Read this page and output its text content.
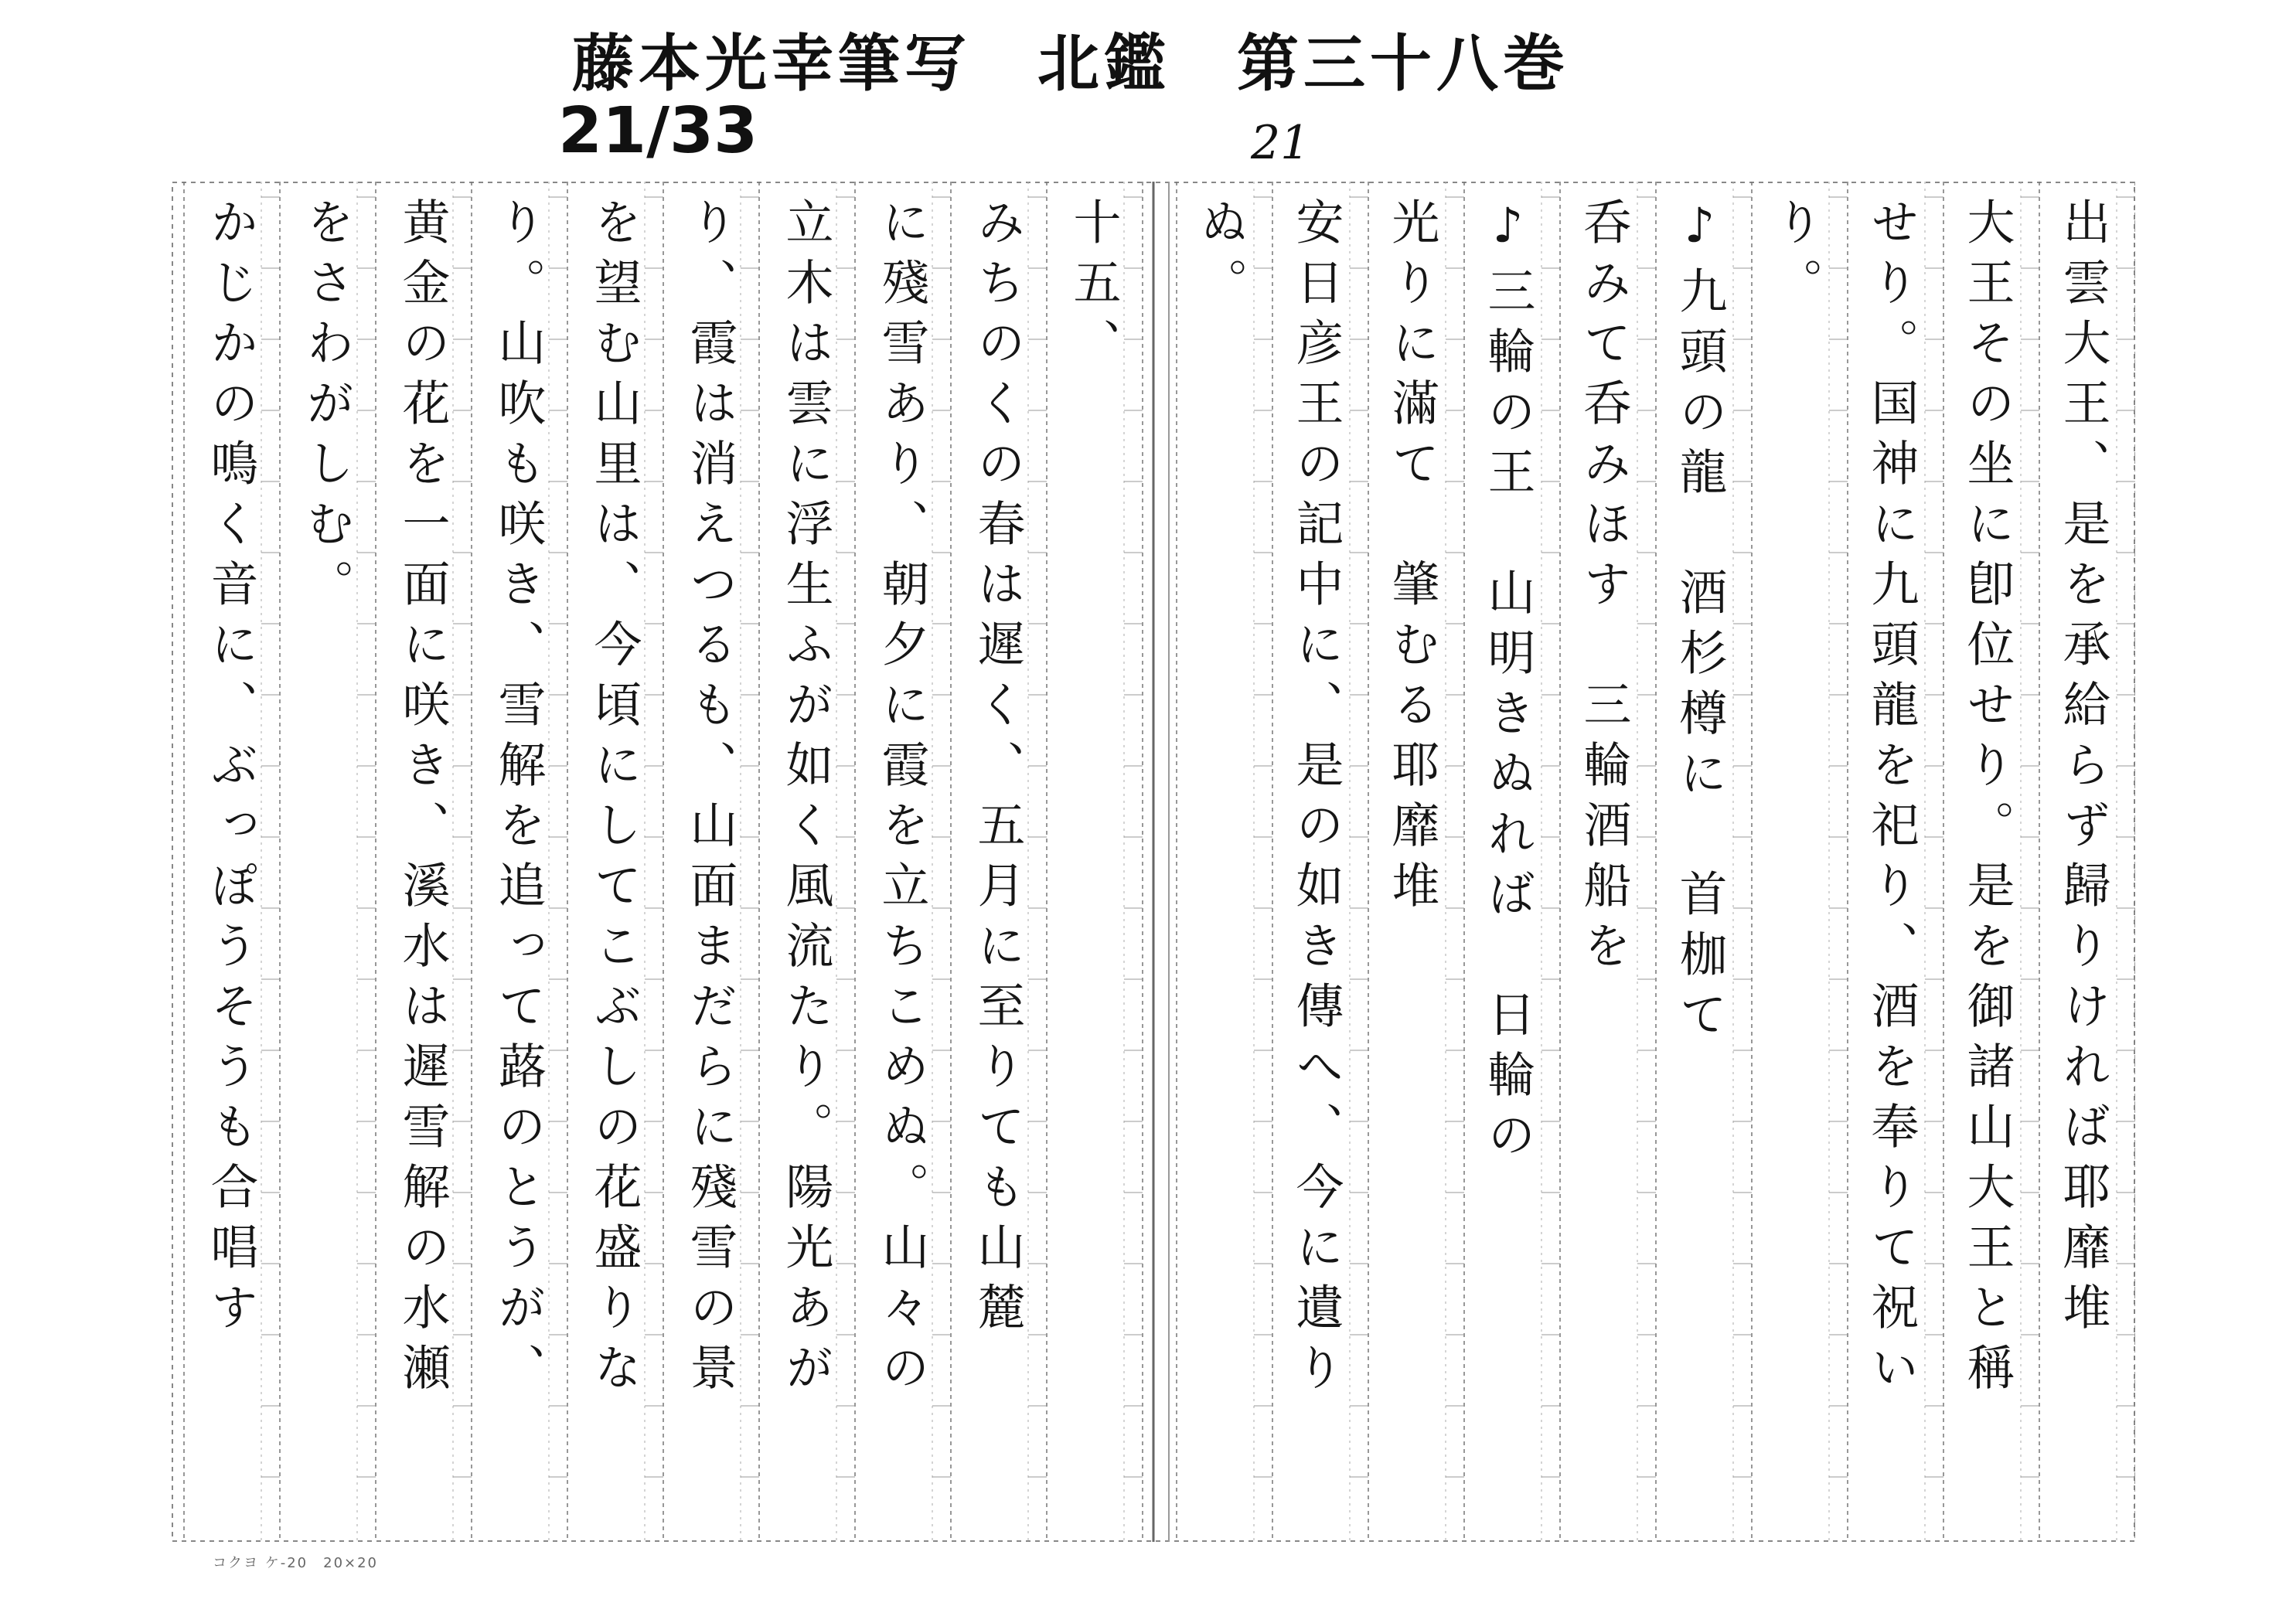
藤本光幸筆写　北鑑　第三十八巻
21/33	21
出雲大王、是を承給らず歸りければ耶靡堆
大王その坐に卽位せり。是を御諸山大王と稱
せり。国神に九頭龍を祀り、酒を奉りて祝い
り。
♪九頭の龍　酒杉樽に　首枷て
呑みて呑みほす　三輪酒船を
♪三輪の王　山明きぬれば　日輪の
光りに滿て　肇むる耶靡堆
安日彦王の記中に、是の如き傳へ、今に遺り
ぬ。
十五、
みちのくの春は遲く、五月に至りても山麓
に殘雪あり、朝夕に霞を立ちこめぬ。山々の
立木は雲に浮生ふが如く風流たり。陽光あが
り、霞は消えつるも、山面まだらに殘雪の景
を望む山里は、今頃にしてこぶしの花盛りな
り。山吹も咲き、雪解を追って蕗のとうが、
黄金の花を一面に咲き、溪水は遲雪解の水瀬
をさわがしむ。
かじかの鳴く音に、ぶっぽうそうも合唱す
コクヨ ケ-20　20×20
